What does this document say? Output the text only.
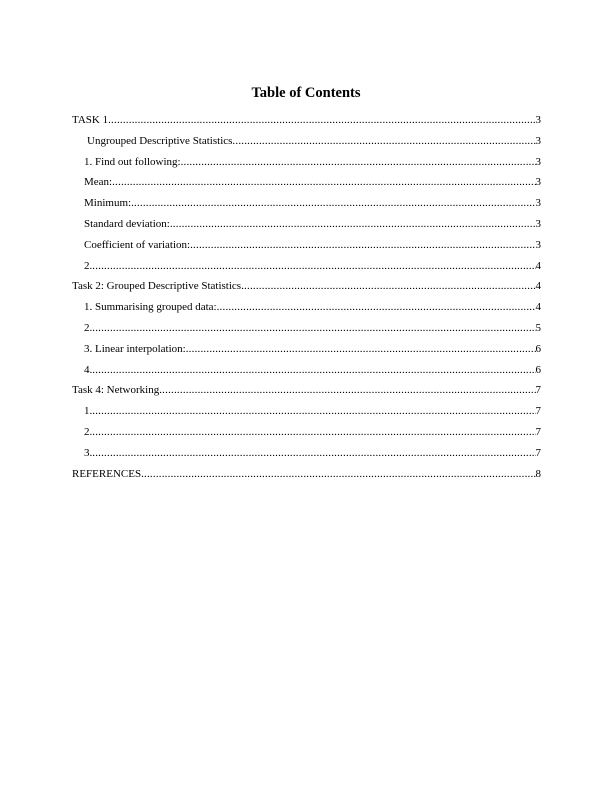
Table of Contents
TASK 1 .....	3
Ungrouped Descriptive Statistics .....	3
1. Find out following: .....	3
Mean: .....	3
Minimum: .....	3
Standard deviation: .....	3
Coefficient of variation: .....	3
2. .....	4
Task 2: Grouped Descriptive Statistics .....	4
1. Summarising grouped data: .....	4
2. .....	5
3. Linear interpolation: .....	6
4. .....	6
Task 4: Networking .....	7
1. .....	7
2. .....	7
3. .....	7
REFERENCES .....	8
